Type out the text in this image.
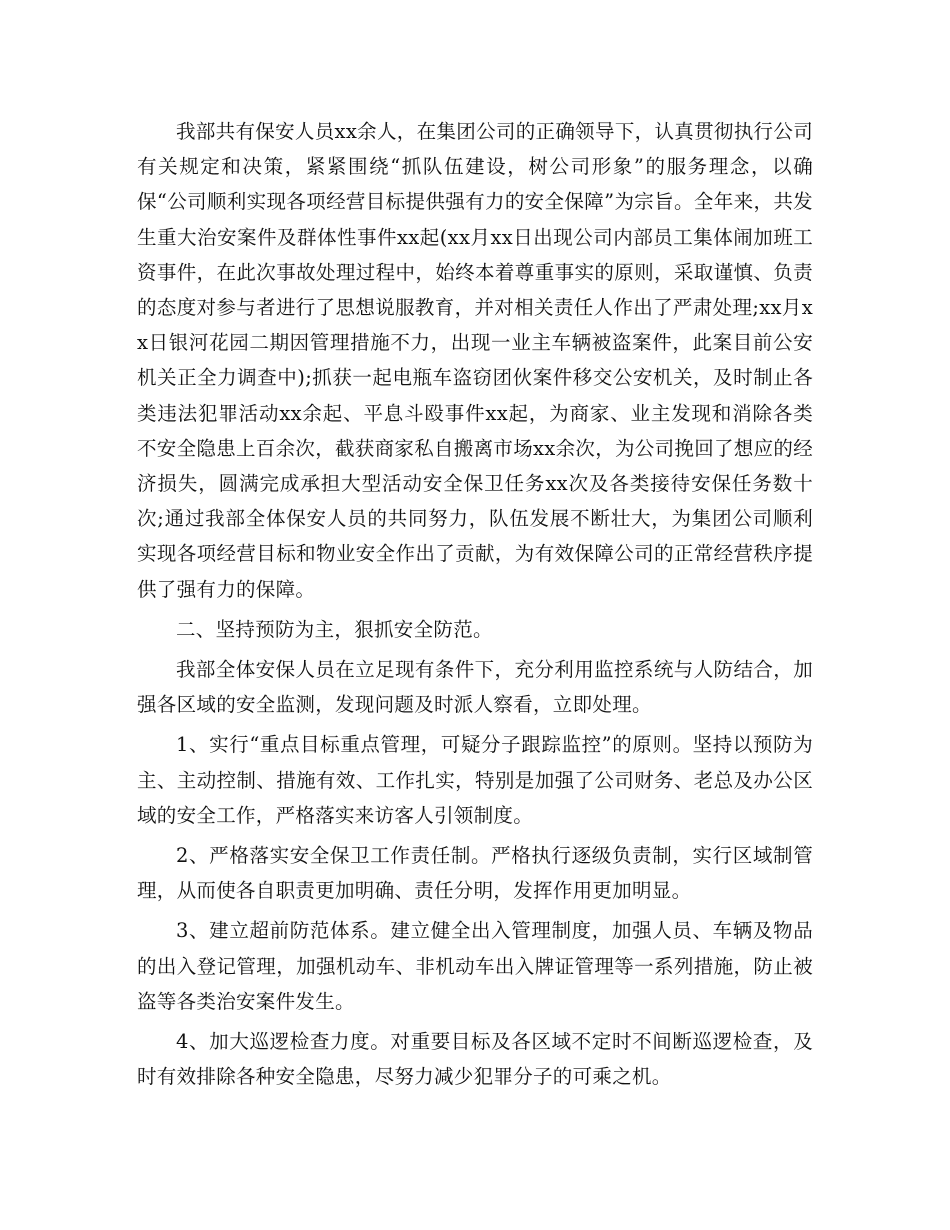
我部共有保安人员xx余人，在集团公司的正确领导下，认真贯彻执行公司有关规定和决策，紧紧围绕“抓队伍建设，树公司形象”的服务理念，以确保“公司顺利实现各项经营目标提供强有力的安全保障”为宗旨。全年来，共发生重大治安案件及群体性事件xx起(xx月xx日出现公司内部员工集体闹加班工资事件，在此次事故处理过程中，始终本着尊重事实的原则，采取谨慎、负责的态度对参与者进行了思想说服教育，并对相关责任人作出了严肃处理;xx月xx日银河花园二期因管理措施不力，出现一业主车辆被盗案件，此案目前公安机关正全力调查中);抓获一起电瓶车盗窃团伙案件移交公安机关，及时制止各类违法犯罪活动xx余起、平息斗殴事件xx起，为商家、业主发现和消除各类不安全隐患上百余次，截获商家私自搬离市场xx余次，为公司挽回了想应的经济损失，圆满完成承担大型活动安全保卫任务xx次及各类接待安保任务数十次;通过我部全体保安人员的共同努力，队伍发展不断壮大，为集团公司顺利实现各项经营目标和物业安全作出了贡献，为有效保障公司的正常经营秩序提供了强有力的保障。

二、坚持预防为主，狠抓安全防范。

我部全体安保人员在立足现有条件下，充分利用监控系统与人防结合，加强各区域的安全监测，发现问题及时派人察看，立即处理。

1、实行“重点目标重点管理，可疑分子跟踪监控”的原则。坚持以预防为主、主动控制、措施有效、工作扎实，特别是加强了公司财务、老总及办公区域的安全工作，严格落实来访客人引领制度。

2、严格落实安全保卫工作责任制。严格执行逐级负责制，实行区域制管理，从而使各自职责更加明确、责任分明，发挥作用更加明显。

3、建立超前防范体系。建立健全出入管理制度，加强人员、车辆及物品的出入登记管理，加强机动车、非机动车出入牌证管理等一系列措施，防止被盗等各类治安案件发生。

4、加大巡逻检查力度。对重要目标及各区域不定时不间断巡逻检查，及时有效排除各种安全隐患，尽努力减少犯罪分子的可乘之机。
